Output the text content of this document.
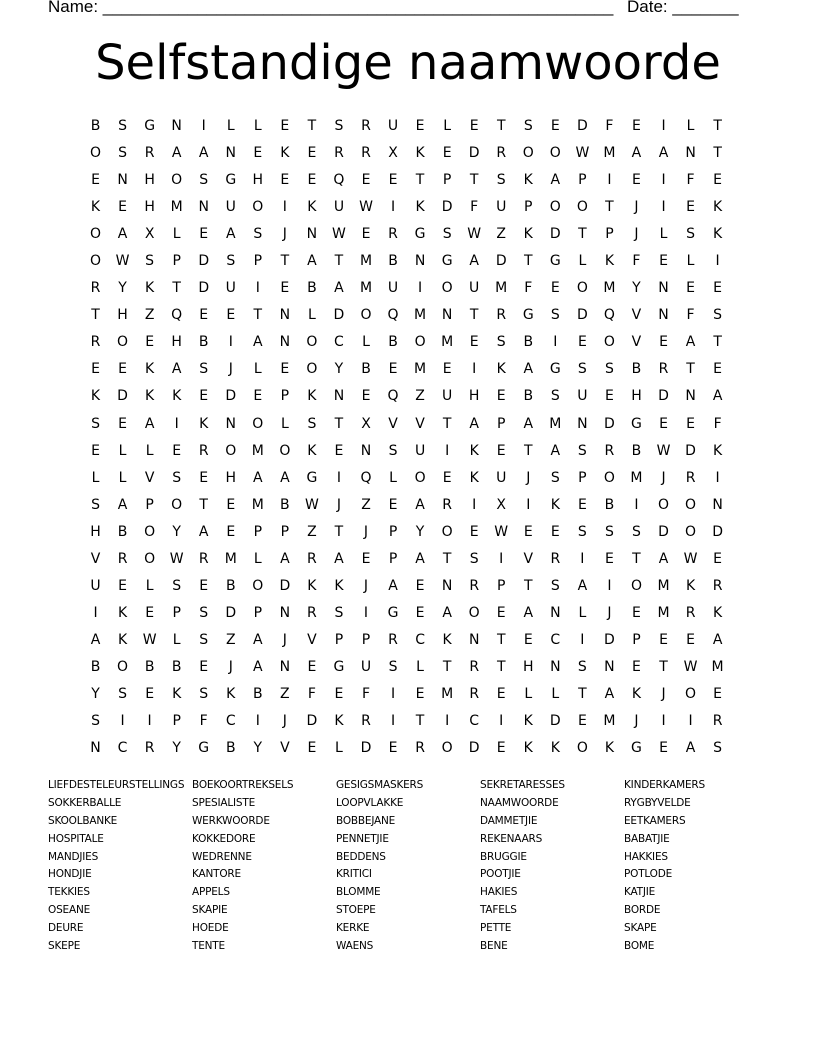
Name: ______________________________________________________ Date: _______
Selfstandige naamwoorde
B	S	G	N	I	L	L	E	T	S	R	U	E	L	E	T	S	E	D	F	E	I	L	T
O	S	R	A	A	N	E	K	E	R	R	X	K	E	D	R	O	O	W	M	A	A	N	T
E	N	H	O	S	G	H	E	E	Q	E	E	T	P	T	S	K	A	P	I	E	I	F	E
K	E	H	M	N	U	O	I	K	U	W	I	K	D	F	U	P	O	O	T	J	I	E	K
O	A	X	L	E	A	S	J	N	W	E	R	G	S	W	Z	K	D	T	P	J	L	S	K
O	W	S	P	D	S	P	T	A	T	M	B	N	G	A	D	T	G	L	K	F	E	L	I
R	Y	K	T	D	U	I	E	B	A	M	U	I	O	U	M	F	E	O	M	Y	N	E	E
T	H	Z	Q	E	E	T	N	L	D	O	Q	M	N	T	R	G	S	D	Q	V	N	F	S
R	O	E	H	B	I	A	N	O	C	L	B	O	M	E	S	B	I	E	O	V	E	A	T
E	E	K	A	S	J	L	E	O	Y	B	E	M	E	I	K	A	G	S	S	B	R	T	E
K	D	K	K	E	D	E	P	K	N	E	Q	Z	U	H	E	B	S	U	E	H	D	N	A
S	E	A	I	K	N	O	L	S	T	X	V	V	T	A	P	A	M	N	D	G	E	E	F
E	L	L	E	R	O	M	O	K	E	N	S	U	I	K	E	T	A	S	R	B	W	D	K
L	L	V	S	E	H	A	A	G	I	Q	L	O	E	K	U	J	S	P	O	M	J	R	I
S	A	P	O	T	E	M	B	W	J	Z	E	A	R	I	X	I	K	E	B	I	O	O	N
H	B	O	Y	A	E	P	P	Z	T	J	P	Y	O	E	W	E	E	S	S	S	D	O	D
V	R	O	W	R	M	L	A	R	A	E	P	A	T	S	I	V	R	I	E	T	A	W	E
U	E	L	S	E	B	O	D	K	K	J	A	E	N	R	P	T	S	A	I	O	M	K	R
I	K	E	P	S	D	P	N	R	S	I	G	E	A	O	E	A	N	L	J	E	M	R	K
A	K	W	L	S	Z	A	J	V	P	P	R	C	K	N	T	E	C	I	D	P	E	E	A
B	O	B	B	E	J	A	N	E	G	U	S	L	T	R	T	H	N	S	N	E	T	W	M
Y	S	E	K	S	K	B	Z	F	E	F	I	E	M	R	E	L	L	T	A	K	J	O	E
S	I	I	P	F	C	I	J	D	K	R	I	T	I	C	I	K	D	E	M	J	I	I	R
N	C	R	Y	G	B	Y	V	E	L	D	E	R	O	D	E	K	K	O	K	G	E	A	S
LIEFDESTELEURSTELLINGS
SOKKERBALLE
SKOOLBANKE
HOSPITALE
MANDJIES
HONDJIE
TEKKIES
OSEANE
DEURE
SKEPE
BOEKOORTREKSELS
SPESIALISTE
WERKWOORDE
KOKKEDORE
WEDRENNE
KANTORE
APPELS
SKAPIE
HOEDE
TENTE
GESIGSMASKERS
LOOPVLAKKE
BOBBEJANE
PENNETJIE
BEDDENS
KRITICI
BLOMME
STOEPE
KERKE
WAENS
SEKRETARESSES
NAAMWOORDE
DAMMETJIE
REKENAARS
BRUGGIE
POOTJIE
HAKIES
TAFELS
PETTE
BENE
KINDERKAMERS
RYGBYVELDE
EETKAMERS
BABATJIE
HAKKIES
POTLODE
KATJIE
BORDE
SKAPE
BOME
